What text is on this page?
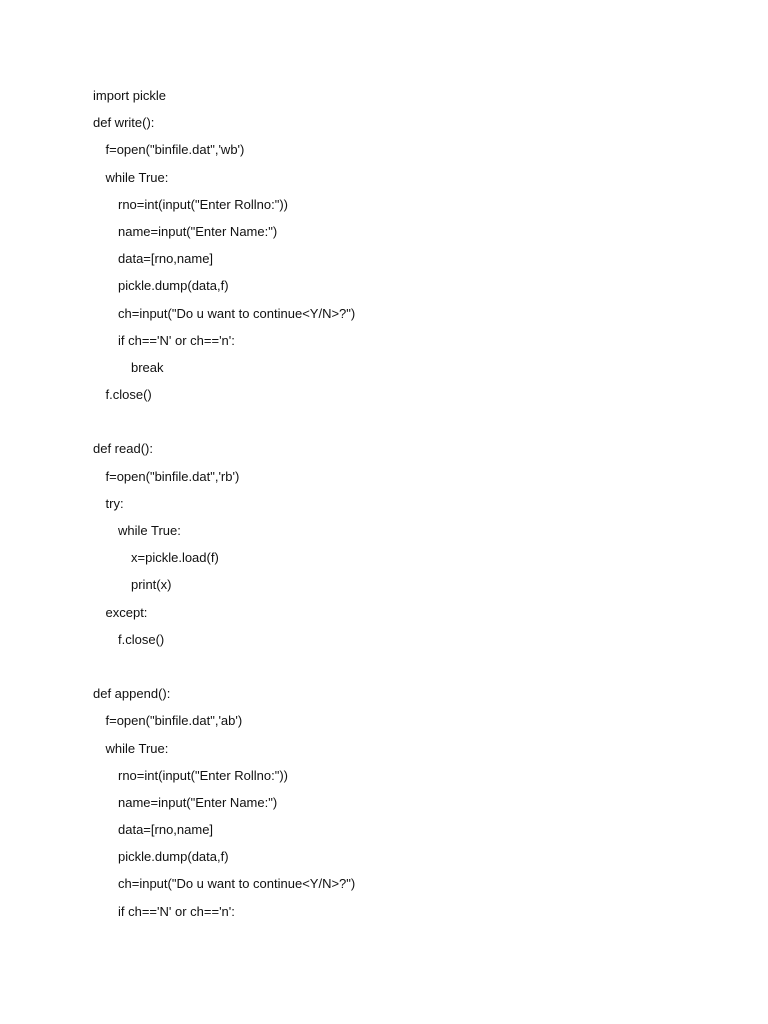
import pickle
def write():
f=open("binfile.dat",'wb')
while True:
rno=int(input("Enter Rollno:"))
name=input("Enter Name:")
data=[rno,name]
pickle.dump(data,f)
ch=input("Do u want to continue<Y/N>?")
if ch=='N' or ch=='n':
break
f.close()
def read():
f=open("binfile.dat",'rb')
try:
while True:
x=pickle.load(f)
print(x)
except:
f.close()
def append():
f=open("binfile.dat",'ab')
while True:
rno=int(input("Enter Rollno:"))
name=input("Enter Name:")
data=[rno,name]
pickle.dump(data,f)
ch=input("Do u want to continue<Y/N>?")
if ch=='N' or ch=='n':
